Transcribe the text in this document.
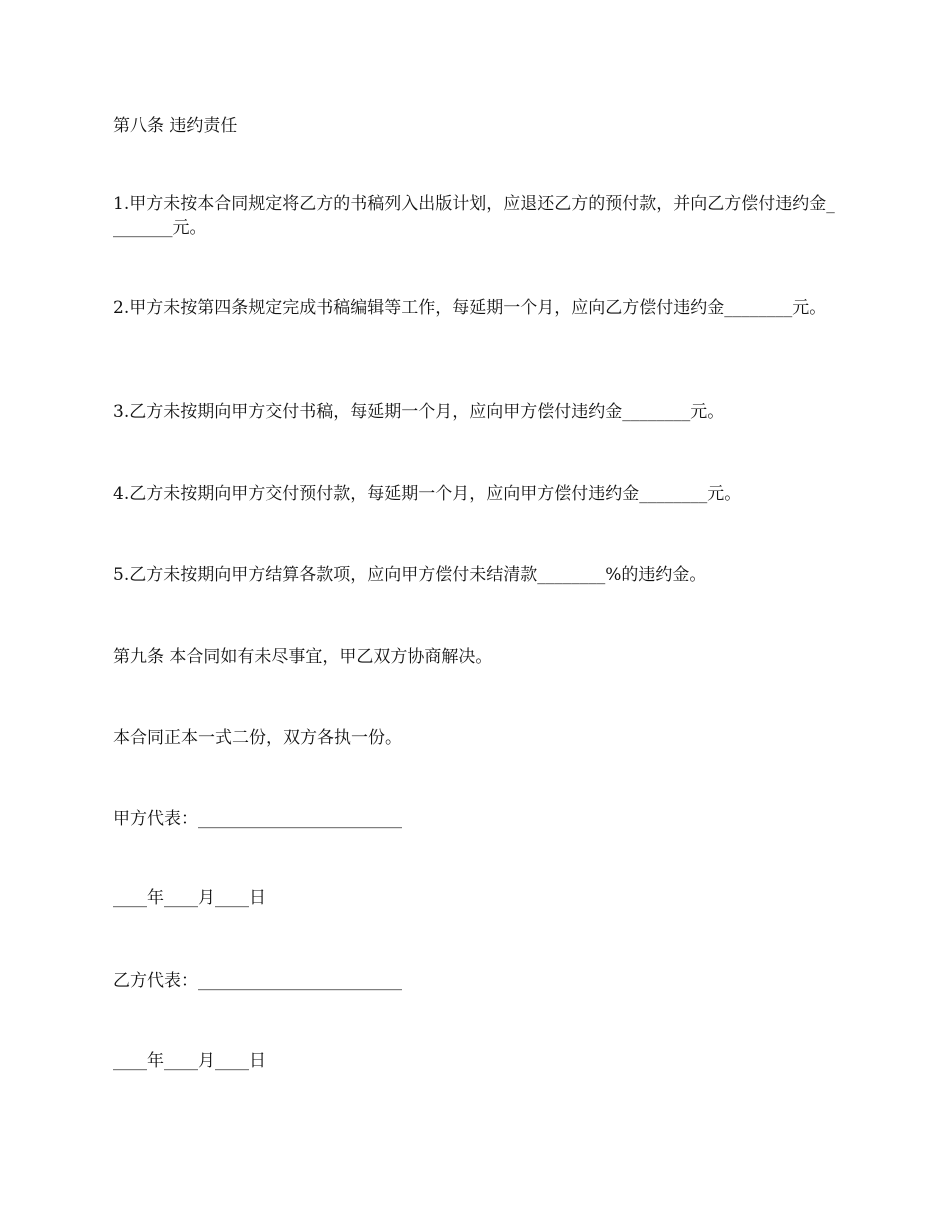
第八条 违约责任

1.甲方未按本合同规定将乙方的书稿列入出版计划，应退还乙方的预付款，并向乙方偿付违约金________元。

2.甲方未按第四条规定完成书稿编辑等工作，每延期一个月，应向乙方偿付违约金________元。

3.乙方未按期向甲方交付书稿，每延期一个月，应向甲方偿付违约金________元。

4.乙方未按期向甲方交付预付款，每延期一个月，应向甲方偿付违约金________元。

5.乙方未按期向甲方结算各款项，应向甲方偿付未结清款________%的违约金。

第九条 本合同如有未尽事宜，甲乙双方协商解决。

本合同正本一式二份，双方各执一份。

甲方代表：________________________

____年____月____日

乙方代表：________________________

____年____月____日
